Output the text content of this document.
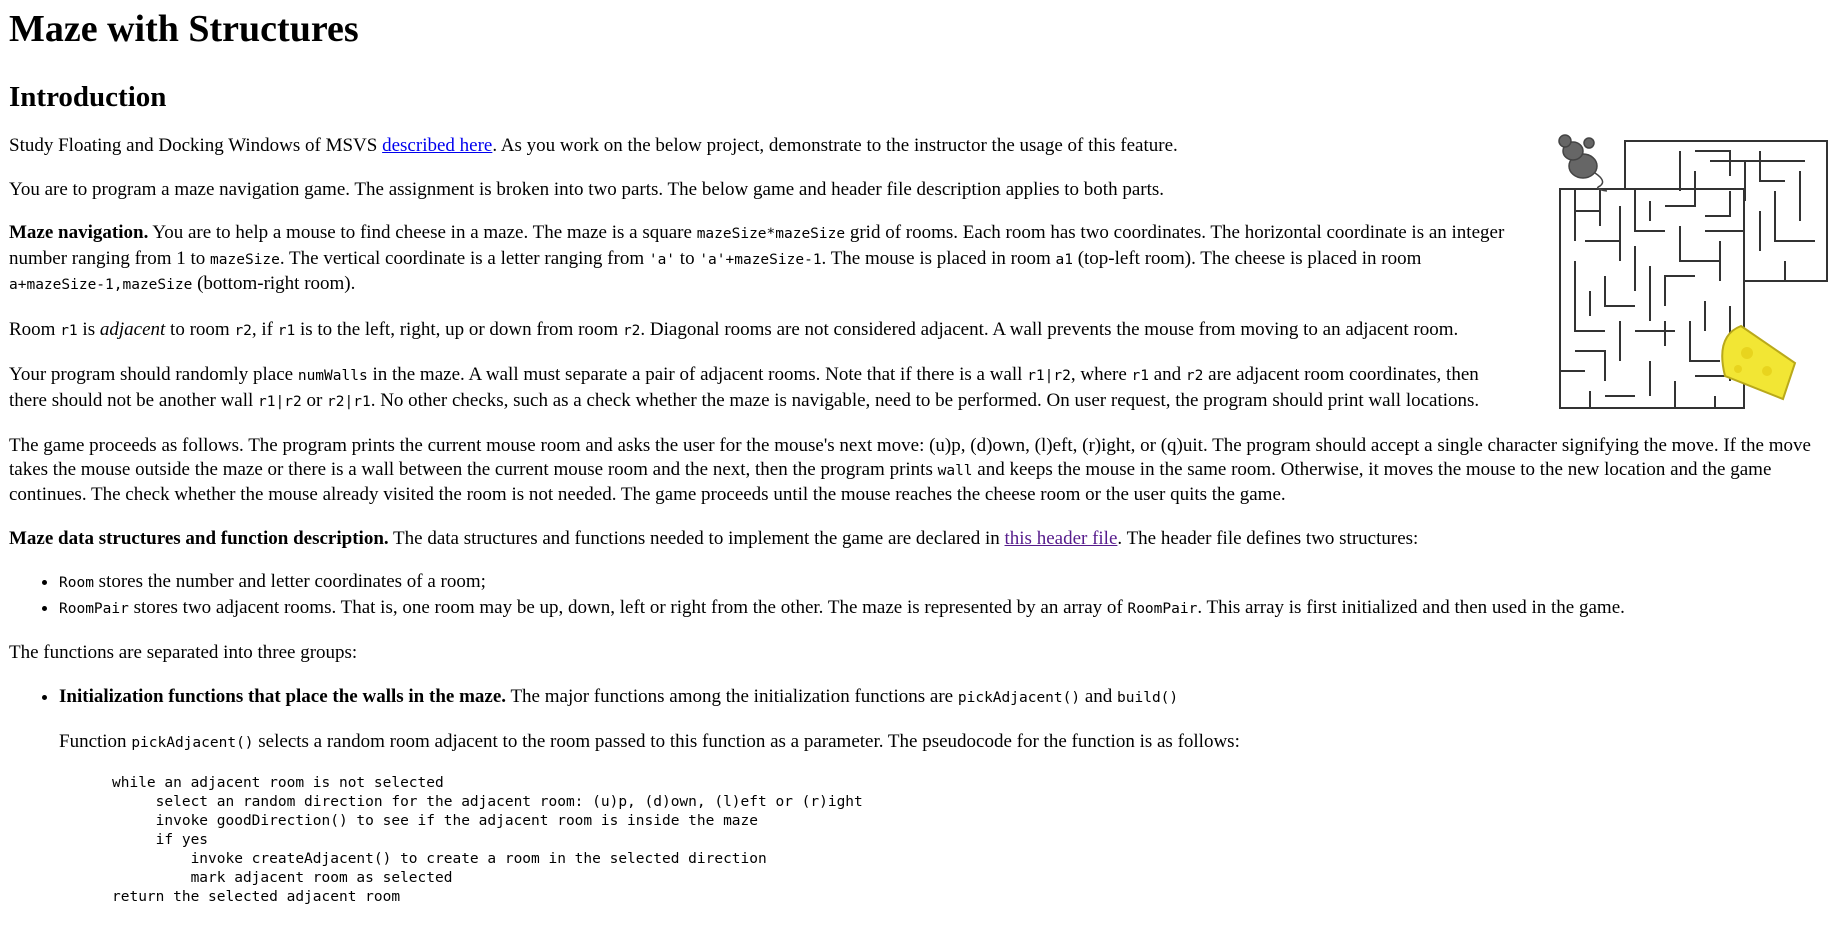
Maze with Structures
Introduction

Study Floating and Docking Windows of MSVS described here. As you work on the below project, demonstrate to the instructor the usage of this feature.

You are to program a maze navigation game. The assignment is broken into two parts. The below game and header file description applies to both parts.

Maze navigation. You are to help a mouse to find cheese in a maze. The maze is a square mazeSize*mazeSize grid of rooms. Each room has two coordinates. The horizontal coordinate is an integer number ranging from 1 to mazeSize. The vertical coordinate is a letter ranging from 'a' to 'a'+mazeSize-1. The mouse is placed in room a1 (top-left room). The cheese is placed in room a+mazeSize-1,mazeSize (bottom-right room).

Room r1 is adjacent to room r2, if r1 is to the left, right, up or down from room r2. Diagonal rooms are not considered adjacent. A wall prevents the mouse from moving to an adjacent room.

Your program should randomly place numWalls in the maze. A wall must separate a pair of adjacent rooms. Note that if there is a wall r1|r2, where r1 and r2 are adjacent room coordinates, then there should not be another wall r1|r2 or r2|r1. No other checks, such as a check whether the maze is navigable, need to be performed. On user request, the program should print wall locations.

The game proceeds as follows. The program prints the current mouse room and asks the user for the mouse's next move: (u)p, (d)own, (l)eft, (r)ight, or (q)uit. The program should accept a single character signifying the move. If the move takes the mouse outside the maze or there is a wall between the current mouse room and the next, then the program prints wall and keeps the mouse in the same room. Otherwise, it moves the mouse to the new location and the game continues. The check whether the mouse already visited the room is not needed. The game proceeds until the mouse reaches the cheese room or the user quits the game.

Maze data structures and function description. The data structures and functions needed to implement the game are declared in this header file. The header file defines two structures:

• Room stores the number and letter coordinates of a room;
• RoomPair stores two adjacent rooms. That is, one room may be up, down, left or right from the other. The maze is represented by an array of RoomPair. This array is first initialized and then used in the game.

The functions are separated into three groups:

• Initialization functions that place the walls in the maze. The major functions among the initialization functions are pickAdjacent() and build()

Function pickAdjacent() selects a random room adjacent to the room passed to this function as a parameter. The pseudocode for the function is as follows:

while an adjacent room is not selected
select an random direction for the adjacent room: (u)p, (d)own, (l)eft or (r)ight
invoke goodDirection() to see if the adjacent room is inside the maze
if yes
invoke createAdjacent() to create a room in the selected direction
mark adjacent room as selected
return the selected adjacent room
